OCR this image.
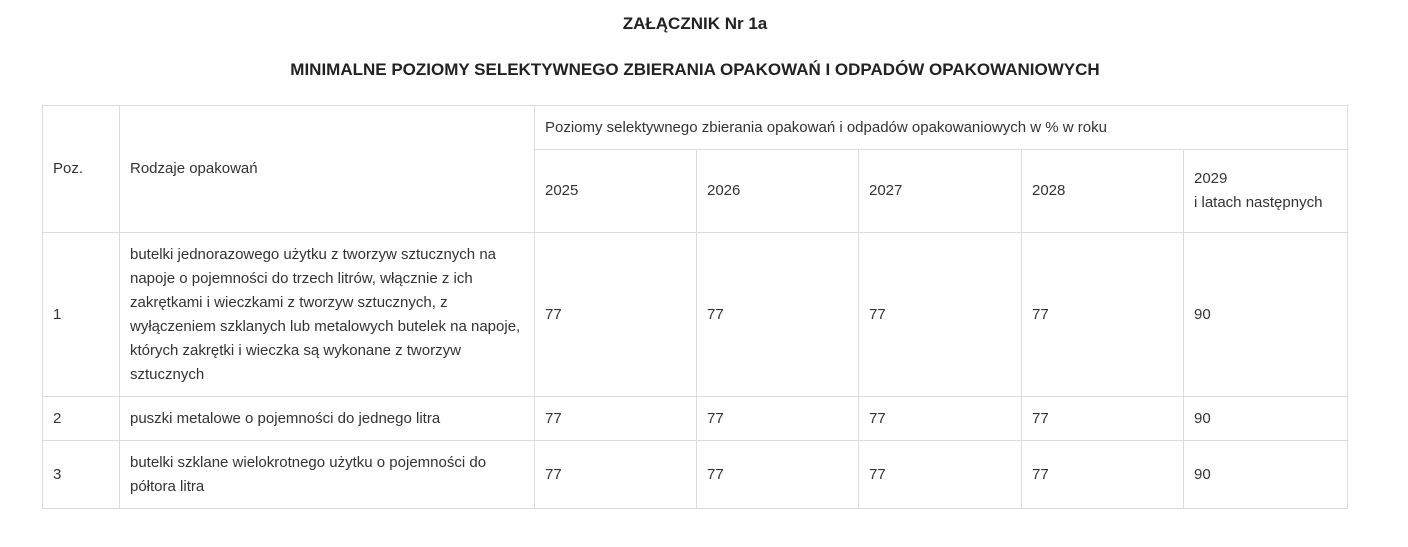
ZAŁĄCZNIK Nr 1a
MINIMALNE POZIOMY SELEKTYWNEGO ZBIERANIA OPAKOWAŃ I ODPADÓW OPAKOWANIOWYCH
Poz.	Rodzaje opakowań	Poziomy selektywnego zbierania opakowań i odpadów opakowaniowych w % w roku				
		2025	2026	2027	2028	2029
i latach następnych

1	butelki jednorazowego użytku z tworzyw sztucznych na napoje o pojemności do trzech litrów, włącznie z ich zakrętkami i wieczkami z tworzyw sztucznych, z wyłączeniem szklanych lub metalowych butelek na napoje, których zakrętki i wieczka są wykonane z tworzyw sztucznych	77	77	77	77	90
2	puszki metalowe o pojemności do jednego litra	77	77	77	77	90
3	butelki szklane wielokrotnego użytku o pojemności do półtora litra	77	77	77	77	90
